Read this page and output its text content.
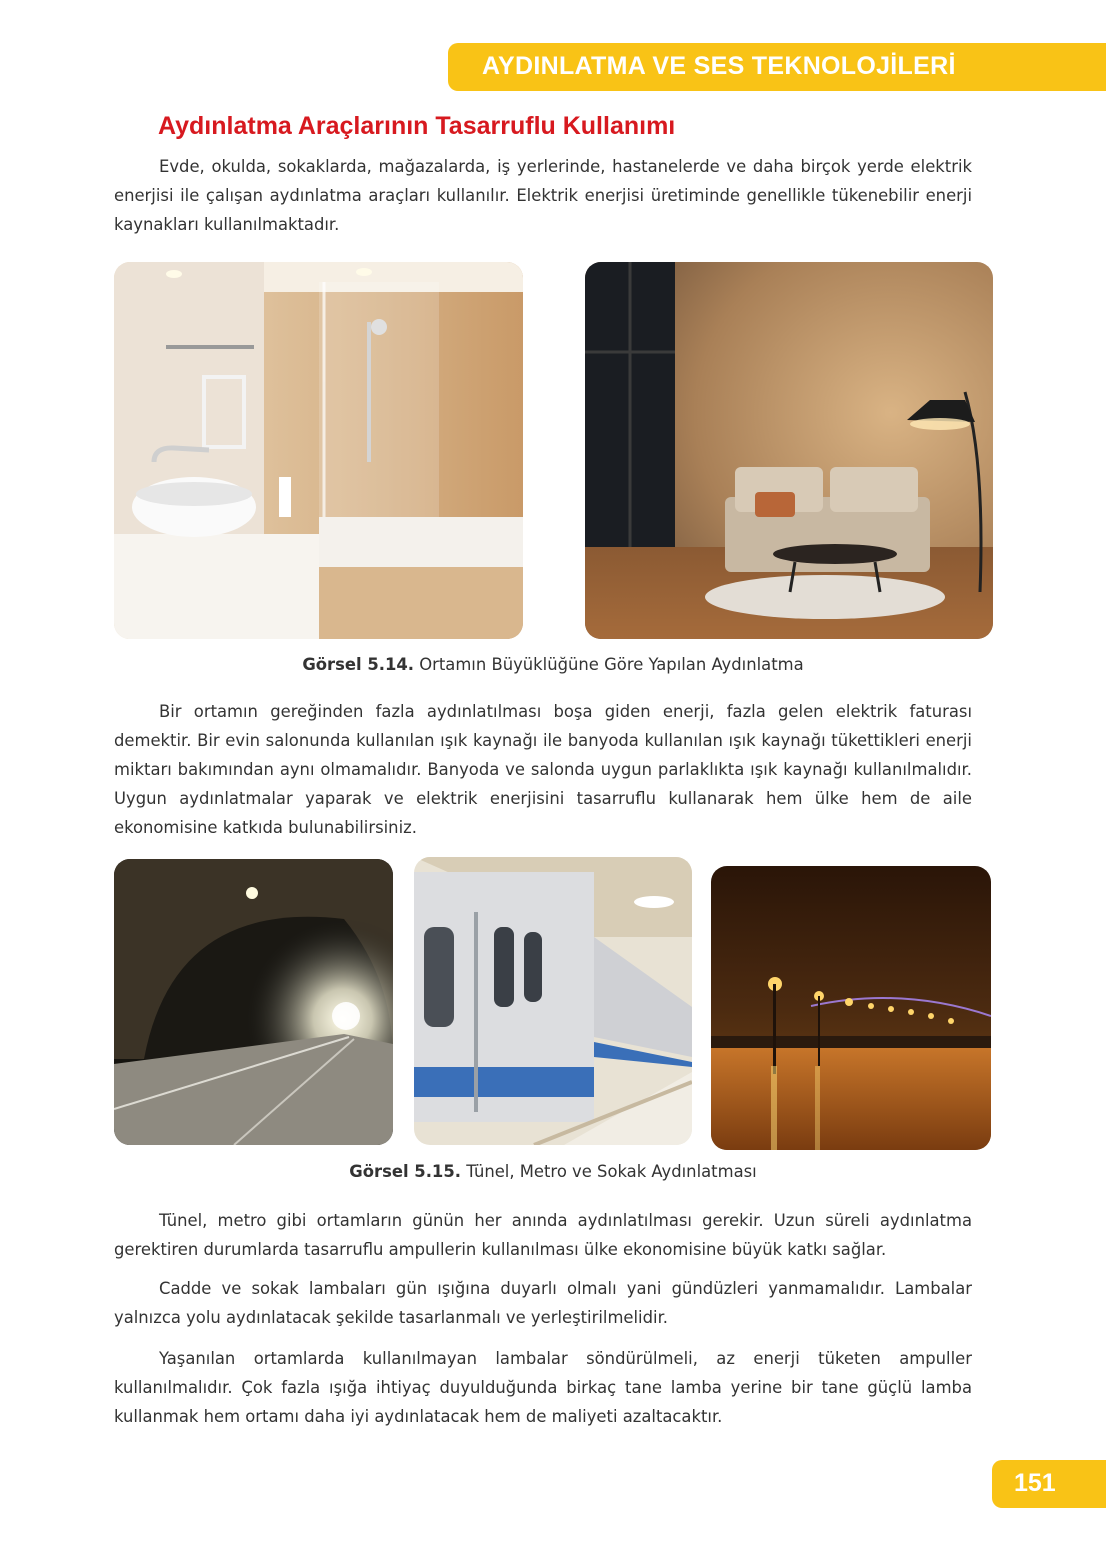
AYDINLATMA VE SES TEKNOLOJİLERİ
Aydınlatma Araçlarının Tasarruflu Kullanımı

Evde, okulda, sokaklarda, mağazalarda, iş yerlerinde, hastanelerde ve daha birçok yerde elektrik enerjisi ile çalışan aydınlatma araçları kullanılır. Elektrik enerjisi üretiminde genellikle tükenebilir enerji kaynakları kullanılmaktadır.

Görsel 5.14. Ortamın Büyüklüğüne Göre Yapılan Aydınlatma

Bir ortamın gereğinden fazla aydınlatılması boşa giden enerji, fazla gelen elektrik faturası demektir. Bir evin salonunda kullanılan ışık kaynağı ile banyoda kullanılan ışık kaynağı tükettikleri enerji miktarı bakımından aynı olmamalıdır. Banyoda ve salonda uygun parlaklıkta ışık kaynağı kullanılmalıdır. Uygun aydınlatmalar yaparak ve elektrik enerjisini tasarruflu kullanarak hem ülke hem de aile ekonomisine katkıda bulunabilirsiniz.

Görsel 5.15. Tünel, Metro ve Sokak Aydınlatması

Tünel, metro gibi ortamların günün her anında aydınlatılması gerekir. Uzun süreli aydınlatma gerektiren durumlarda tasarruflu ampullerin kullanılması ülke ekonomisine büyük katkı sağlar.

Cadde ve sokak lambaları gün ışığına duyarlı olmalı yani gündüzleri yanmamalıdır. Lambalar yalnızca yolu aydınlatacak şekilde tasarlanmalı ve yerleştirilmelidir.

Yaşanılan ortamlarda kullanılmayan lambalar söndürülmeli, az enerji tüketen ampuller kullanılmalıdır. Çok fazla ışığa ihtiyaç duyulduğunda birkaç tane lamba yerine bir tane güçlü lamba kullanmak hem ortamı daha iyi aydınlatacak hem de maliyeti azaltacaktır.

151
